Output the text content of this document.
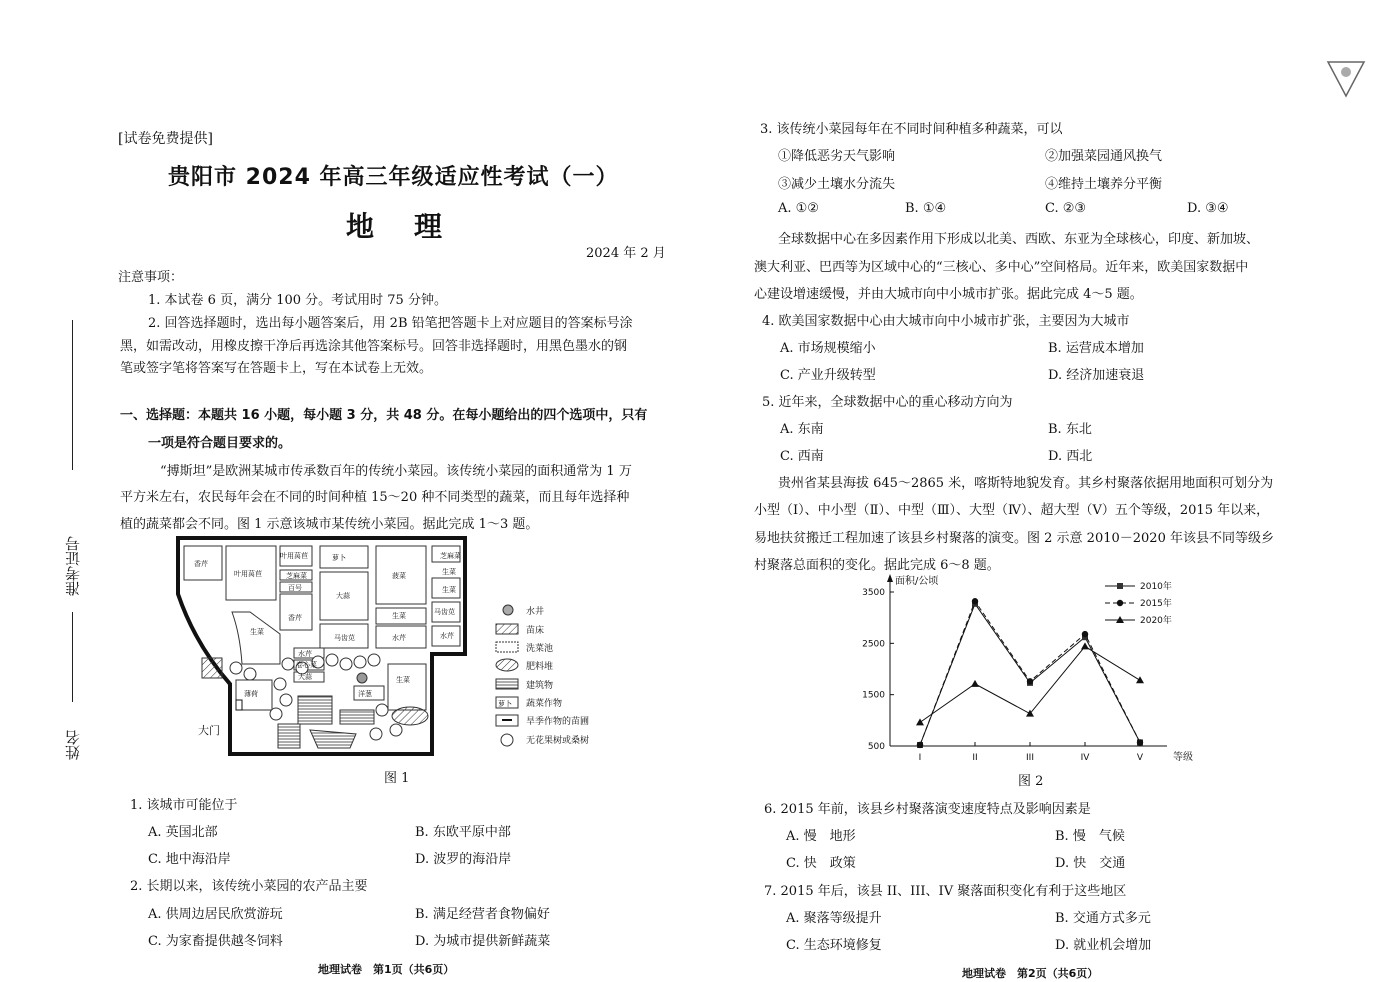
[试卷免费提供]
贵阳市 2024 年高三年级适应性考试（一）
地　理
2024 年 2 月
注意事项：
1. 本试卷 6 页，满分 100 分。考试用时 75 分钟。
2. 回答选择题时，选出每小题答案后，用 2B 铅笔把答题卡上对应题目的答案标号涂
黑，如需改动，用橡皮擦干净后再选涂其他答案标号。回答非选择题时，用黑色墨水的钢
笔或签字笔将答案写在答题卡上，写在本试卷上无效。
一、选择题：本题共 16 小题，每小题 3 分，共 48 分。在每小题给出的四个选项中，只有
一项是符合题目要求的。
“搏斯坦”是欧洲某城市传承数百年的传统小菜园。该传统小菜园的面积通常为 1 万
平方米左右，农民每年会在不同的时间种植 15～20 种不同类型的蔬菜，而且每年选择种
植的蔬菜都会不同。图 1 示意该城市某传统小菜园。据此完成 1～3 题。
香芹
叶用莴苣
叶用莴苣
芝麻菜
萝卜	芝麻菜
菠菜
生菜
大蒜
百号
香芹
生菜
马齿苋
生菜	马齿苋
水芹	水芹
水芹
卷心菜
大蒜
薄荷	洋葱
生菜
生菜
水井
苗床
洗菜池
肥料堆
建筑物
萝卜 蔬菜作物
旱季作物的苗圃
无花果树或桑树
大门
图 1
1. 该城市可能位于
A. 英国北部	B. 东欧平原中部
C. 地中海沿岸	D. 波罗的海沿岸
2. 长期以来，该传统小菜园的农产品主要
A. 供周边居民欣赏游玩	B. 满足经营者食物偏好
C. 为家畜提供越冬饲料	D. 为城市提供新鲜蔬菜
地理试卷　第1页（共6页）
准考证号
姓名
3. 该传统小菜园每年在不同时间种植多种蔬菜，可以
①降低恶劣天气影响	②加强菜园通风换气
③减少土壤水分流失	④维持土壤养分平衡
A. ①②	B. ①④	C. ②③	D. ③④
全球数据中心在多因素作用下形成以北美、西欧、东亚为全球核心，印度、新加坡、
澳大利亚、巴西等为区域中心的“三核心、多中心”空间格局。近年来，欧美国家数据中
心建设增速缓慢，并由大城市向中小城市扩张。据此完成 4～5 题。
4. 欧美国家数据中心由大城市向中小城市扩张，主要因为大城市
A. 市场规模缩小	B. 运营成本增加
C. 产业升级转型	D. 经济加速衰退
5. 近年来，全球数据中心的重心移动方向为
A. 东南	B. 东北
C. 西南	D. 西北
贵州省某县海拔 645～2865 米，喀斯特地貌发育。其乡村聚落依据用地面积可划分为
小型（Ⅰ）、中小型（Ⅱ）、中型（Ⅲ）、大型（Ⅳ）、超大型（Ⅴ）五个等级，2015 年以来，
易地扶贫搬迁工程加速了该县乡村聚落的演变。图 2 示意 2010－2020 年该县不同等级乡
村聚落总面积的变化。据此完成 6～8 题。
面积/公顷
等级
3500
2500
1500
500
I	II	III	IV	V
2010年
2015年
2020年
图 2
6. 2015 年前，该县乡村聚落演变速度特点及影响因素是
A. 慢　地形	B. 慢　气候
C. 快　政策	D. 快　交通
7. 2015 年后，该县 II、III、IV 聚落面积变化有利于这些地区
A. 聚落等级提升	B. 交通方式多元
C. 生态环境修复	D. 就业机会增加
地理试卷　第2页（共6页）
